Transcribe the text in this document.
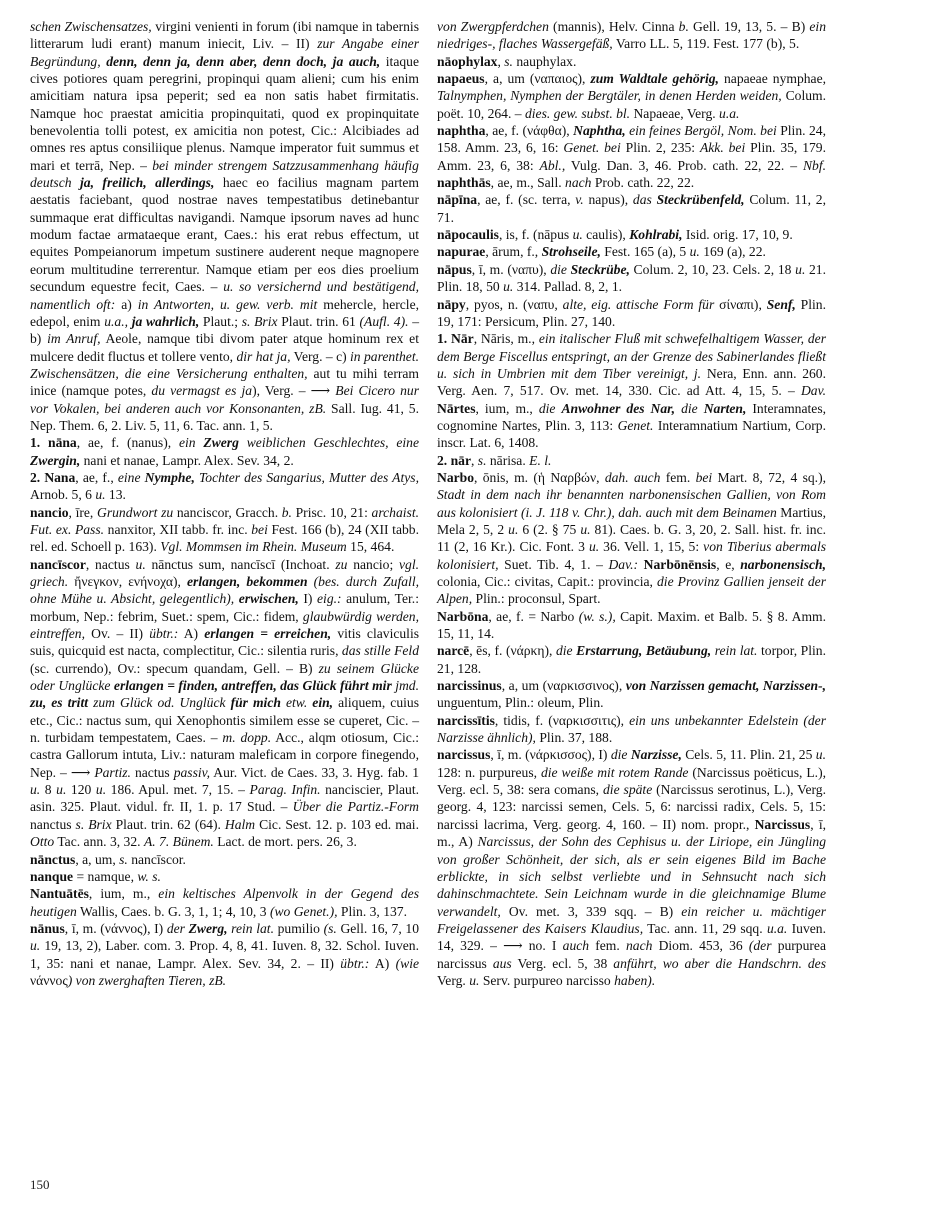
schen Zwischensatzes, virgini venienti in forum (ibi namque in tabernis litterarum ludi erant) manum iniecit, Liv. – II) zur Angabe einer Begründung, denn, denn ja, denn aber, denn doch, ja auch, itaque cives potiores quam peregrini, propinqui quam alieni; cum his enim amicitiam natura ipsa peperit; sed ea non satis habet firmitatis. Namque hoc praestat amicitia propinquitati, quod ex propinquitate benevolentia tolli potest, ex amicitia non potest, Cic.: Alcibiades ad omnes res aptus consiliique plenus. Namque imperator fuit summus et mari et terrā, Nep. – bei minder strengem Satzzusammenhang häufig deutsch ja, freilich, allerdings, haec eo facilius magnam partem aestatis faciebant, quod nostrae naves tempestatibus detinebantur summaque erat difficultas navigandi. Namque ipsorum naves ad hunc modum factae armataeque erant, Caes.: his erat rebus effectum, ut equites Pompeianorum impetum sustinere auderent neque magnopere eorum multitudine terrerentur. Namque etiam per eos dies proelium secundum equestre fecit, Caes. – u. so versichernd und bestätigend, namentlich oft: a) in Antworten, u. gew. verb. mit mehercle, hercle, edepol, enim u.a., ja wahrlich, Plaut.; s. Brix Plaut. trin. 61 (Aufl. 4). – b) im Anruf, Aeole, namque tibi divom pater atque hominum rex et mulcere dedit fluctus et tollere vento, dir hat ja, Verg. – c) in parenthet. Zwischensätzen, die eine Versicherung enthalten, aut tu mihi terram inice (namque potes, du vermagst es ja), Verg. – ⟶ Bei Cicero nur vor Vokalen, bei anderen auch vor Konsonanten, zB. Sall. Iug. 41, 5. Nep. Them. 6, 2. Liv. 5, 11, 6. Tac. ann. 1, 5.

1. nāna, ae, f. (nanus), ein Zwerg weiblichen Geschlechtes, eine Zwergin, nani et nanae, Lampr. Alex. Sev. 34, 2.

2. Nana, ae, f., eine Nymphe, Tochter des Sangarius, Mutter des Atys, Arnob. 5, 6 u. 13.

nancio, īre, Grundwort zu nanciscor, Gracch. b. Prisc. 10, 21: archaist. Fut. ex. Pass. nanxitor, XII tabb. fr. inc. bei Fest. 166 (b), 24 (XII tabb. rel. ed. Schoell p. 163). Vgl. Mommsen im Rhein. Museum 15, 464.

nancīscor, nactus u. nānctus sum, nancīscī (Inchoat. zu nancio; vgl. griech. ἤνεγκον, ενήνοχα), erlangen, bekommen (bes. durch Zufall, ohne Mühe u. Absicht, gelegentlich), erwischen, I) eig.: anulum, Ter.: morbum, Nep.: febrim, Suet.: spem, Cic.: fidem, glaubwürdig werden, eintreffen, Ov. – II) übtr.: A) erlangen = erreichen, vitis claviculis suis, quicquid est nacta, complectitur, Cic.: silentia ruris, das stille Feld (sc. currendo), Ov.: specum quandam, Gell. – B) zu seinem Glücke oder Unglücke erlangen = finden, antreffen, das Glück führt mir jmd. zu, es tritt zum Glück od. Unglück für mich etw. ein, aliquem, cuius etc., Cic.: nactus sum, qui Xenophontis similem esse se cuperet, Cic. – n. turbidam tempestatem, Caes. – m. dopp. Acc., alqm otiosum, Cic.: castra Gallorum intuta, Liv.: naturam maleficam in corpore finegendo, Nep. – ⟶ Partiz. nactus passiv, Aur. Vict. de Caes. 33, 3. Hyg. fab. 1 u. 8 u. 120 u. 186. Apul. met. 7, 15. – Parag. Infin. nanciscier, Plaut. asin. 325. Plaut. vidul. fr. II, 1. p. 17 Stud. – Über die Partiz.-Form nanctus s. Brix Plaut. trin. 62 (64). Halm Cic. Sest. 12. p. 103 ed. mai. Otto Tac. ann. 3, 32. A. 7. Bünem. Lact. de mort. pers. 26, 3.

nānctus, a, um, s. nancīscor.

nanque = namque, w. s.

Nantuātēs, ium, m., ein keltisches Alpenvolk in der Gegend des heutigen Wallis, Caes. b. G. 3, 1, 1; 4, 10, 3 (wo Genet.), Plin. 3, 137.

nānus, ī, m. (νάννος), I) der Zwerg, rein lat. pumilio (s. Gell. 16, 7, 10 u. 19, 13, 2), Laber. com. 3. Prop. 4, 8, 41. Iuven. 8, 32. Schol. Iuven. 1, 35: nani et nanae, Lampr. Alex. Sev. 34, 2. – II) übtr.: A) (wie νάννος) von zwerghaften Tieren, zB.

von Zwergpferdchen (mannis), Helv. Cinna b. Gell. 19, 13, 5. – B) ein niedriges-, flaches Wassergefäß, Varro LL. 5, 119. Fest. 177 (b), 5.

nāophylax, s. nauphylax.

napaeus, a, um (ναπαιος), zum Waldtale gehörig, napaeae nymphae, Talnymphen, Nymphen der Bergtäler, in denen Herden weiden, Colum. poët. 10, 264. – dies. gew. subst. bl. Napaeae, Verg. u.a.

naphtha, ae, f. (νάφθα), Naphtha, ein feines Bergöl, Nom. bei Plin. 24, 158. Amm. 23, 6, 16: Genet. bei Plin. 2, 235: Akk. bei Plin. 35, 179. Amm. 23, 6, 38: Abl., Vulg. Dan. 3, 46. Prob. cath. 22, 22. – Nbf. naphthās, ae, m., Sall. nach Prob. cath. 22, 22.

nāpīna, ae, f. (sc. terra, v. napus), das Steckrübenfeld, Colum. 11, 2, 71.

nāpocaulis, is, f. (nāpus u. caulis), Kohlrabi, Isid. orig. 17, 10, 9.

napurae, ārum, f., Strohseile, Fest. 165 (a), 5 u. 169 (a), 22.

nāpus, ī, m. (ναπυ), die Steckrübe, Colum. 2, 10, 23. Cels. 2, 18 u. 21. Plin. 18, 50 u. 314. Pallad. 8, 2, 1.

nāpy, pyos, n. (ναπυ, alte, eig. attische Form für σίναπι), Senf, Plin. 19, 171: Persicum, Plin. 27, 140.

1. Nār, Nāris, m., ein italischer Fluß mit schwefelhaltigem Wasser, der dem Berge Fiscellus entspringt, an der Grenze des Sabinerlandes fließt u. sich in Umbrien mit dem Tiber vereinigt, j. Nera, Enn. ann. 260. Verg. Aen. 7, 517. Ov. met. 14, 330. Cic. ad Att. 4, 15, 5. – Dav. Nārtes, ium, m., die Anwohner des Nar, die Narten, Interamnates, cognomine Nartes, Plin. 3, 113: Genet. Interamnatium Nartium, Corp. inscr. Lat. 6, 1408.

2. nār, s. nārisa. E. l.

Narbo, ōnis, m. (ἡ Ναρβών, dah. auch fem. bei Mart. 8, 72, 4 sq.), Stadt in dem nach ihr benannten narbonensischen Gallien, von Rom aus kolonisiert (i. J. 118 v. Chr.), dah. auch mit dem Beinamen Martius, Mela 2, 5, 2 u. 6 (2. § 75 u. 81). Caes. b. G. 3, 20, 2. Sall. hist. fr. inc. 11 (2, 16 Kr.). Cic. Font. 3 u. 36. Vell. 1, 15, 5: von Tiberius abermals kolonisiert, Suet. Tib. 4, 1. – Dav.: Narbōnēnsis, e, narbonensisch, colonia, Cic.: civitas, Capit.: provincia, die Provinz Gallien jenseit der Alpen, Plin.: proconsul, Spart.

Narbōna, ae, f. = Narbo (w. s.), Capit. Maxim. et Balb. 5. § 8. Amm. 15, 11, 14.

narcē, ēs, f. (νάρκη), die Erstarrung, Betäubung, rein lat. torpor, Plin. 21, 128.

narcissinus, a, um (ναρκισσινος), von Narzissen gemacht, Narzissen-, unguentum, Plin.: oleum, Plin.

narcissītis, tidis, f. (ναρκισσιτις), ein uns unbekannter Edelstein (der Narzisse ähnlich), Plin. 37, 188.

narcissus, ī, m. (νάρκισσος), I) die Narzisse, Cels. 5, 11. Plin. 21, 25 u. 128: n. purpureus, die weiße mit rotem Rande (Narcissus poëticus, L.), Verg. ecl. 5, 38: sera comans, die späte (Narcissus serotinus, L.), Verg. georg. 4, 123: narcissi semen, Cels. 5, 6: narcissi radix, Cels. 5, 15: narcissi lacrima, Verg. georg. 4, 160. – II) nom. propr., Narcissus, ī, m., A) Narcissus, der Sohn des Cephisus u. der Liriope, ein Jüngling von großer Schönheit, der sich, als er sein eigenes Bild im Bache erblickte, in sich selbst verliebte und in Sehnsucht nach sich dahinschmachtete. Sein Leichnam wurde in die gleichnamige Blume verwandelt, Ov. met. 3, 339 sqq. – B) ein reicher u. mächtiger Freigelassener des Kaisers Klaudius, Tac. ann. 11, 29 sqq. u.a. Iuven. 14, 329. – ⟶ no. I auch fem. nach Diom. 453, 36 (der purpurea narcissus aus Verg. ecl. 5, 38 anführt, wo aber die Handschrn. des Verg. u. Serv. purpureo narcisso haben).

150
